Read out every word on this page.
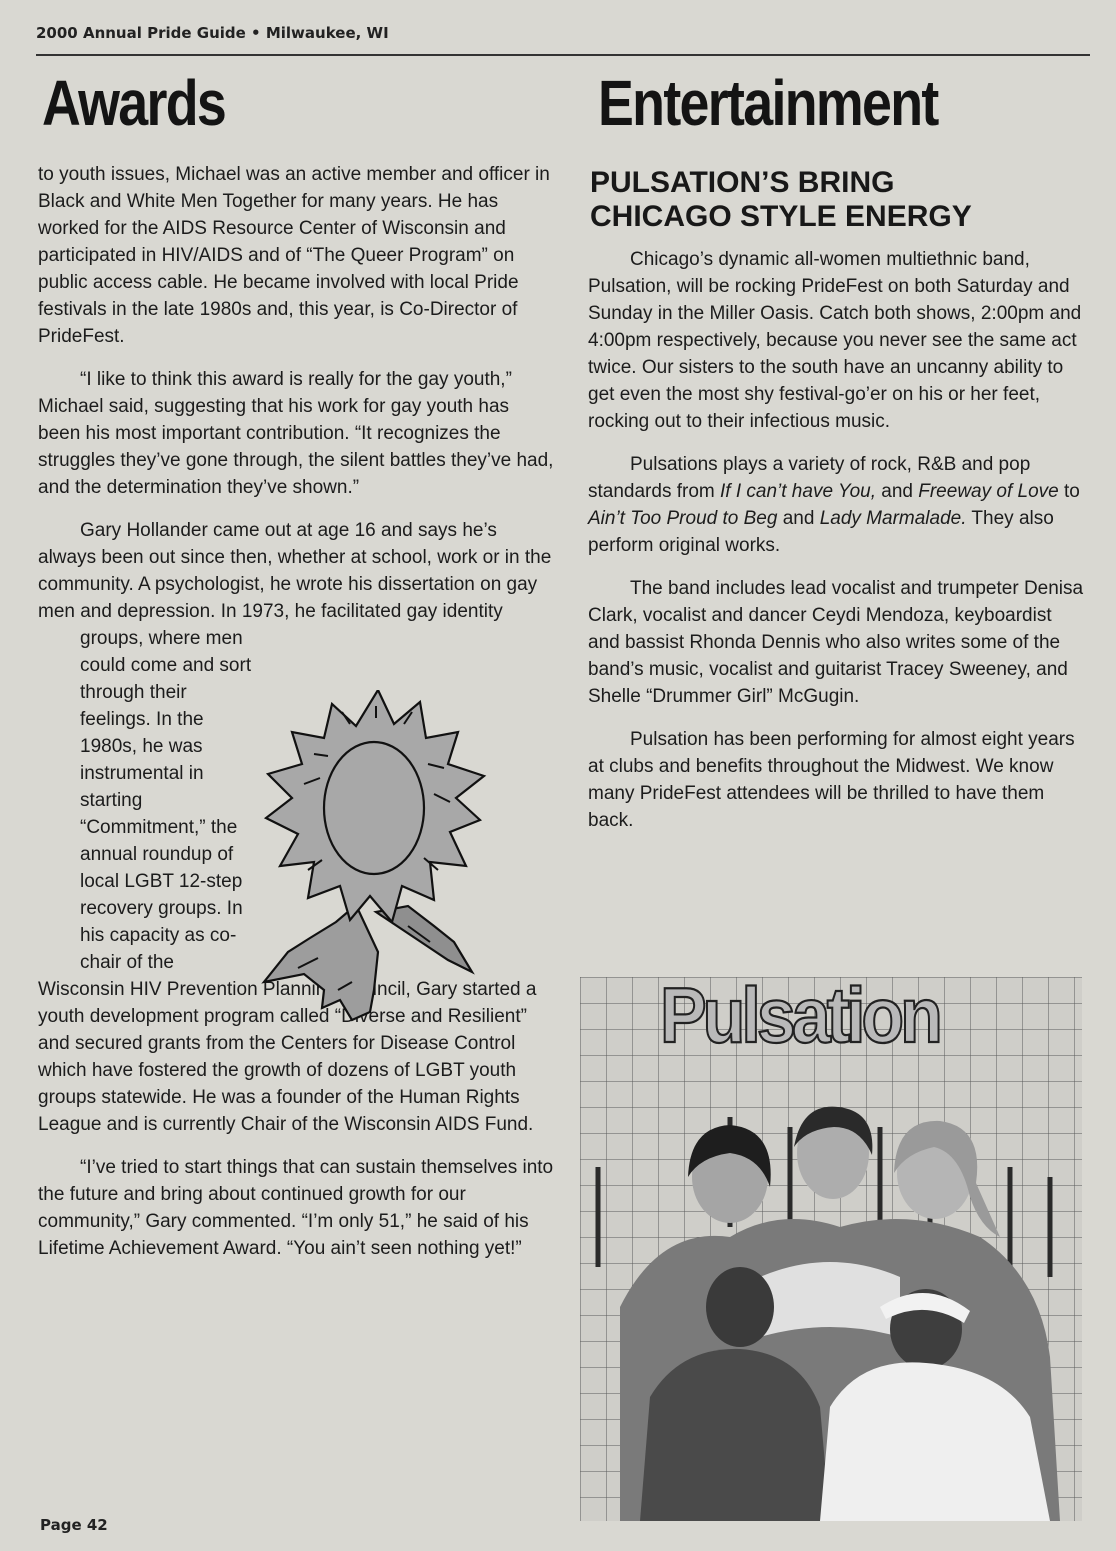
2000 Annual Pride Guide • Milwaukee, WI
Awards	Entertainment

to youth issues, Michael was an active member and officer in Black and White Men Together for many years. He has worked for the AIDS Resource Center of Wisconsin and participated in HIV/AIDS and of “The Queer Program” on public access cable. He became involved with local Pride festivals in the late 1980s and, this year, is Co-Director of PrideFest.

“I like to think this award is really for the gay youth,” Michael said, suggesting that his work for gay youth has been his most important contribution. “It recognizes the struggles they’ve gone through, the silent battles they’ve had, and the determination they’ve shown.”

Gary Hollander came out at age 16 and says he’s always been out since then, whether at school, work or in the community. A psychologist, he wrote his dissertation on gay men and depression. In 1973, he facilitated gay identity
groups, where men
could come and sort
through their
feelings. In the
1980s, he was
instrumental in
starting
“Commitment,” the
annual roundup of
local LGBT 12-step
recovery groups. In
his capacity as co-
chair of the
Wisconsin HIV Prevention Planning Council, Gary started a youth development program called “Diverse and Resilient” and secured grants from the Centers for Disease Control which have fostered the growth of dozens of LGBT youth groups statewide. He was a founder of the Human Rights League and is currently Chair of the Wisconsin AIDS Fund.

“I’ve tried to start things that can sustain themselves into the future and bring about continued growth for our community,” Gary commented. “I’m only 51,” he said of his Lifetime Achievement Award. “You ain’t seen nothing yet!”

PULSATION’S BRING
CHICAGO STYLE ENERGY

Chicago’s dynamic all-women multiethnic band, Pulsation, will be rocking PrideFest on both Saturday and Sunday in the Miller Oasis. Catch both shows, 2:00pm and 4:00pm respectively, because you never see the same act twice. Our sisters to the south have an uncanny ability to get even the most shy festival-go’er on his or her feet, rocking out to their infectious music.

Pulsations plays a variety of rock, R&B and pop standards from If I can’t have You, and Freeway of Love to Ain’t Too Proud to Beg and Lady Marmalade. They also perform original works.

The band includes lead vocalist and trumpeter Denisa Clark, vocalist and dancer Ceydi Mendoza, keyboardist and bassist Rhonda Dennis who also writes some of the band’s music, vocalist and guitarist Tracey Sweeney, and Shelle “Drummer Girl” McGugin.

Pulsation has been performing for almost eight years at clubs and benefits throughout the Midwest. We know many PrideFest attendees will be thrilled to have them back.

Pulsation
Page 42
